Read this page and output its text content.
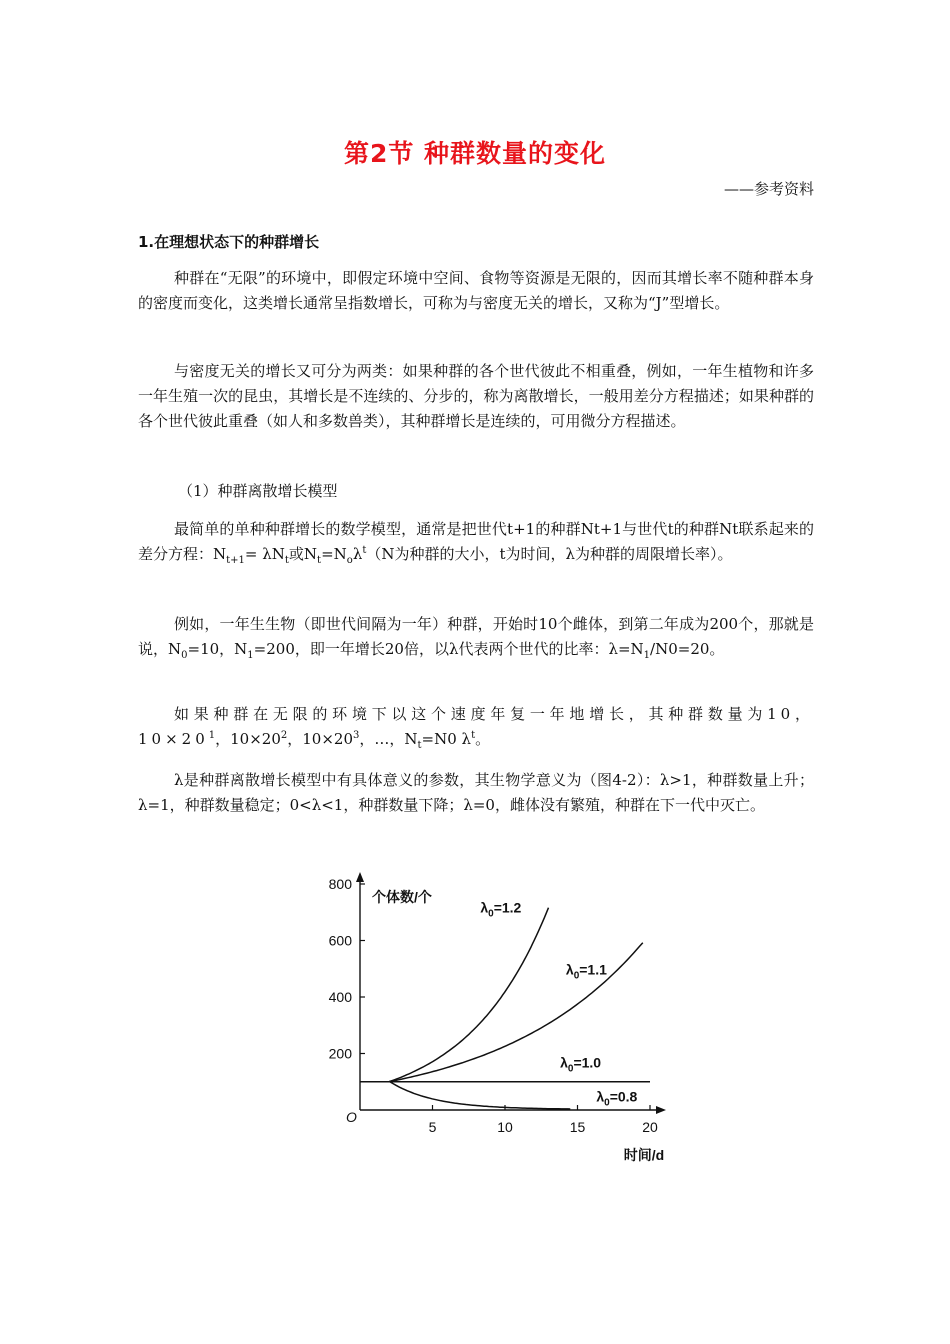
第2节 种群数量的变化
——参考资料
1.在理想状态下的种群增长

种群在“无限”的环境中，即假定环境中空间、食物等资源是无限的，因而其增长率不随种群本身的密度而变化，这类增长通常呈指数增长，可称为与密度无关的增长，又称为“J”型增长。

与密度无关的增长又可分为两类：如果种群的各个世代彼此不相重叠，例如，一年生植物和许多一年生殖一次的昆虫，其增长是不连续的、分步的，称为离散增长，一般用差分方程描述；如果种群的各个世代彼此重叠（如人和多数兽类），其种群增长是连续的，可用微分方程描述。

（1）种群离散增长模型

最简单的单种种群增长的数学模型，通常是把世代t+1的种群Nt+1与世代t的种群Nt联系起来的差分方程：$N_{t+1}= \lambda N_t$或$N_t=N_o\lambda^t(N$为种群的大小，t为时间，λ为种群的周限增长率）。

例如，一年生生物（即世代间隔为一年）种群，开始时10个雌体，到第二年成为200个，那就是说，$N_0=10$，$N_1=200$，即一年增长20倍，以λ代表两个世代的比率：$\lambda=N_1/N0=20$。

如果种群在无限的环境下以这个速度年复一年地增长，其种群数量为10，$10\times 20^1$，$10\times 20^2$，$10\times 20^3$，…，$N_t=N0$ $\lambda^t$。

λ是种群离散增长模型中有具体意义的参数，其生物学意义为（图4-2）：λ>1，种群数量上升；λ=1，种群数量稳定；0<λ<1，种群数量下降；λ=0，雌体没有繁殖，种群在下一代中灭亡。

200
400
600
800
5	10	15	20
O
个体数/个
时间/d
$\lambda_0=1.2$
$\lambda_0=1.1$
$\lambda_0=1.0$
$\lambda_0=0.8$
